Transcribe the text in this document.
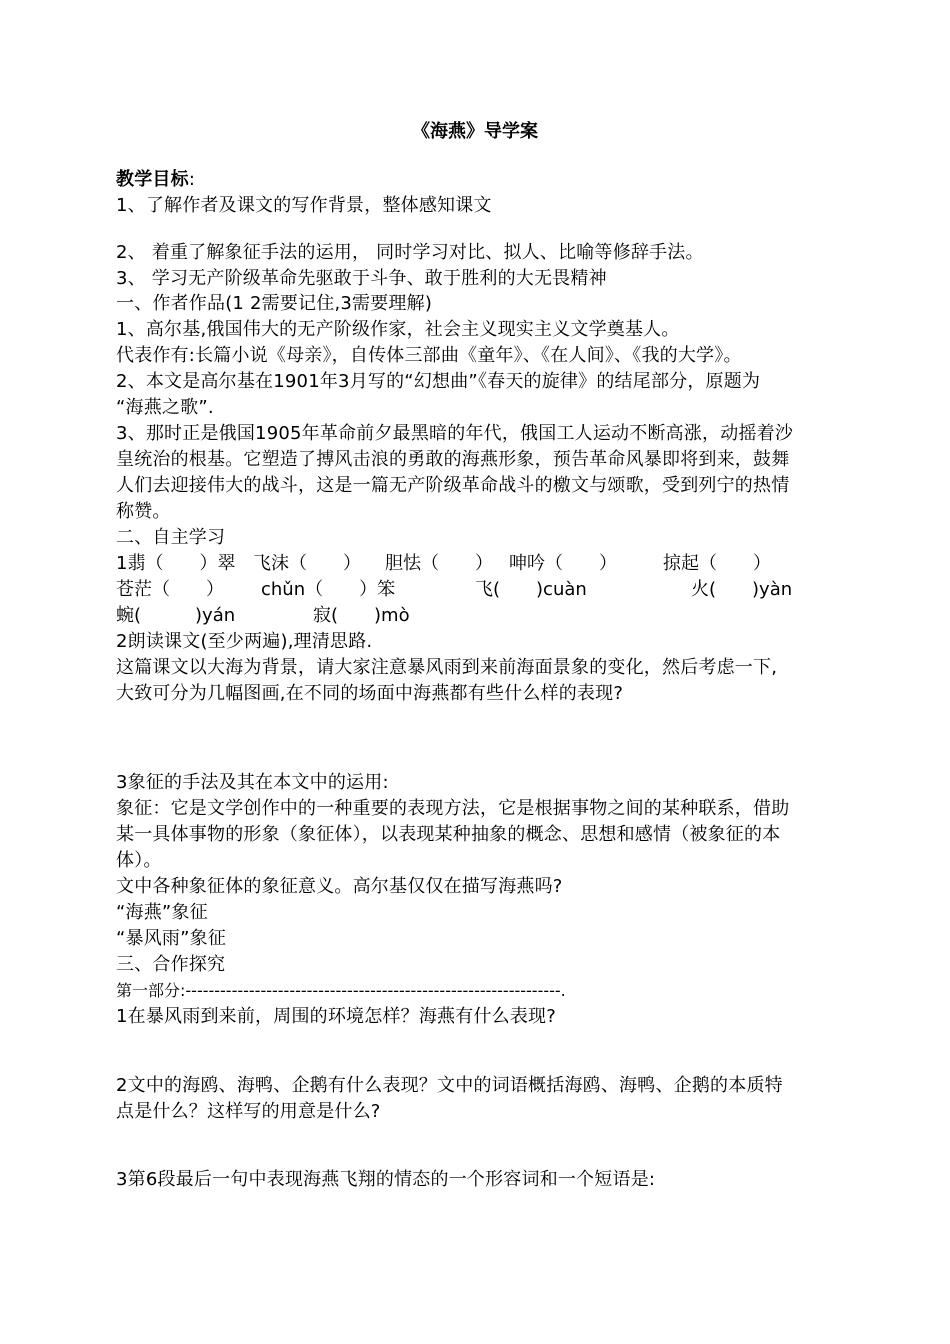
《海燕》导学案
教学目标:
1、了解作者及课文的写作背景，整体感知课文
2、 着重了解象征手法的运用， 同时学习对比、拟人、比喻等修辞手法。
3、 学习无产阶级革命先驱敢于斗争、敢于胜利的大无畏精神
一、作者作品(1 2需要记住,3需要理解)
1、高尔基,俄国伟大的无产阶级作家，社会主义现实主义文学奠基人。
代表作有:长篇小说《母亲》，自传体三部曲《童年》、《在人间》、《我的大学》。
2、本文是高尔基在1901年3月写的“幻想曲”《春天的旋律》的结尾部分，原题为
“海燕之歌”.
3、那时正是俄国1905年革命前夕最黑暗的年代，俄国工人运动不断高涨，动摇着沙
皇统治的根基。它塑造了搏风击浪的勇敢的海燕形象，预告革命风暴即将到来，鼓舞
人们去迎接伟大的战斗，这是一篇无产阶级革命战斗的檄文与颂歌，受到列宁的热情
称赞。
二、自主学习
1翡（　　）翠 飞沫（　　） 胆怯（　　） 呻吟（　　）	掠起（　　）
苍茫（　　） chǔn（　　）笨	飞(　　)cuàn	火(　　)yàn
蜿(　　　)yán	寂(　　)mò
2朗读课文(至少两遍),理清思路.
这篇课文以大海为背景，请大家注意暴风雨到来前海面景象的变化，然后考虑一下,
大致可分为几幅图画,在不同的场面中海燕都有些什么样的表现?
3象征的手法及其在本文中的运用:
象征：它是文学创作中的一种重要的表现方法，它是根据事物之间的某种联系，借助
某一具体事物的形象（象征体），以表现某种抽象的概念、思想和感情（被象征的本
体）。
文中各种象征体的象征意义。高尔基仅仅在描写海燕吗?
“海燕”象征
“暴风雨”象征
三、合作探究
第一部分:-----------------------------------------------------------------.
1在暴风雨到来前，周围的环境怎样？海燕有什么表现?
2文中的海鸥、海鸭、企鹅有什么表现？文中的词语概括海鸥、海鸭、企鹅的本质特
点是什么？这样写的用意是什么?
3第6段最后一句中表现海燕飞翔的情态的一个形容词和一个短语是:
